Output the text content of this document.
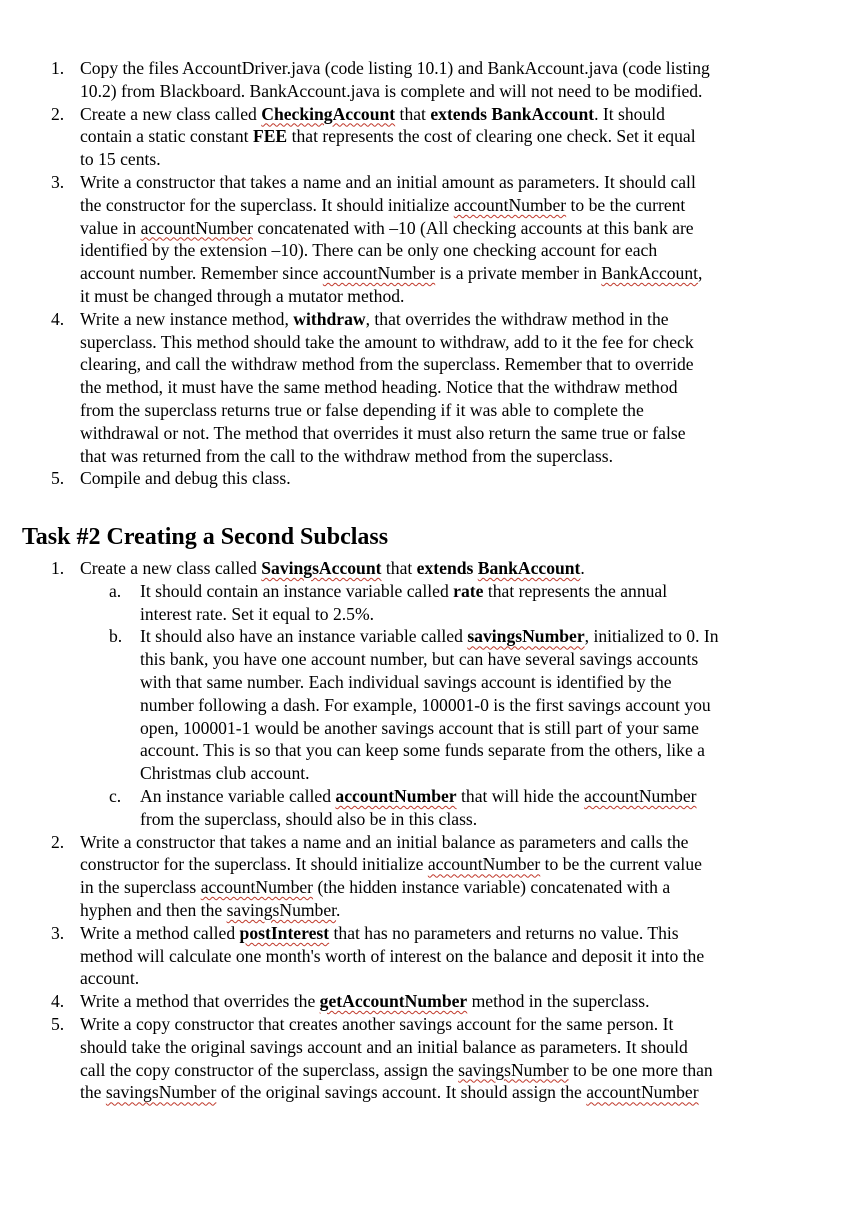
1. Copy the files AccountDriver.java (code listing 10.1) and BankAccount.java (code listing
10.2) from Blackboard. BankAccount.java is complete and will not need to be modified.
2. Create a new class called CheckingAccount that extends BankAccount. It should
contain a static constant FEE that represents the cost of clearing one check. Set it equal
to 15 cents.
3. Write a constructor that takes a name and an initial amount as parameters. It should call
the constructor for the superclass. It should initialize accountNumber to be the current
value in accountNumber concatenated with –10 (All checking accounts at this bank are
identified by the extension –10). There can be only one checking account for each
account number. Remember since accountNumber is a private member in BankAccount,
it must be changed through a mutator method.
4. Write a new instance method, withdraw, that overrides the withdraw method in the
superclass. This method should take the amount to withdraw, add to it the fee for check
clearing, and call the withdraw method from the superclass. Remember that to override
the method, it must have the same method heading. Notice that the withdraw method
from the superclass returns true or false depending if it was able to complete the
withdrawal or not. The method that overrides it must also return the same true or false
that was returned from the call to the withdraw method from the superclass.
5. Compile and debug this class.
Task #2 Creating a Second Subclass
1. Create a new class called SavingsAccount that extends BankAccount.
a. It should contain an instance variable called rate that represents the annual
interest rate. Set it equal to 2.5%.
b. It should also have an instance variable called savingsNumber, initialized to 0. In
this bank, you have one account number, but can have several savings accounts
with that same number. Each individual savings account is identified by the
number following a dash. For example, 100001-0 is the first savings account you
open, 100001-1 would be another savings account that is still part of your same
account. This is so that you can keep some funds separate from the others, like a
Christmas club account.
c. An instance variable called accountNumber that will hide the accountNumber
from the superclass, should also be in this class.
2. Write a constructor that takes a name and an initial balance as parameters and calls the
constructor for the superclass. It should initialize accountNumber to be the current value
in the superclass accountNumber (the hidden instance variable) concatenated with a
hyphen and then the savingsNumber.
3. Write a method called postInterest that has no parameters and returns no value. This
method will calculate one month's worth of interest on the balance and deposit it into the
account.
4. Write a method that overrides the getAccountNumber method in the superclass.
5. Write a copy constructor that creates another savings account for the same person. It
should take the original savings account and an initial balance as parameters. It should
call the copy constructor of the superclass, assign the savingsNumber to be one more than
the savingsNumber of the original savings account. It should assign the accountNumber
